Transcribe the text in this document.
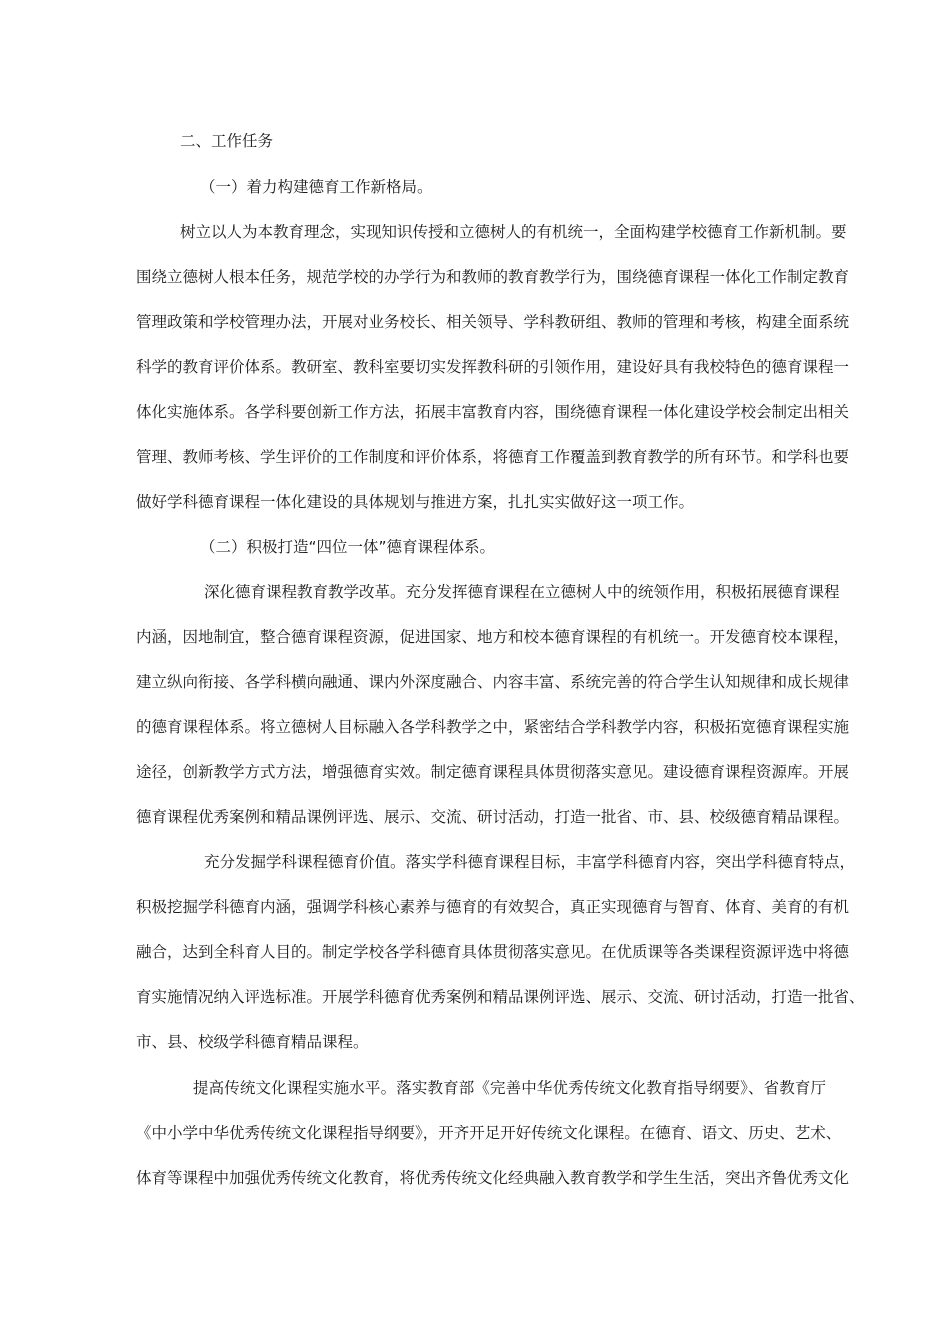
二、工作任务
（一）着力构建德育工作新格局。
树立以人为本教育理念，实现知识传授和立德树人的有机统一，全面构建学校德育工作新机制。要
围绕立德树人根本任务，规范学校的办学行为和教师的教育教学行为，围绕德育课程一体化工作制定教育
管理政策和学校管理办法，开展对业务校长、相关领导、学科教研组、教师的管理和考核，构建全面系统
科学的教育评价体系。教研室、教科室要切实发挥教科研的引领作用，建设好具有我校特色的德育课程一
体化实施体系。各学科要创新工作方法，拓展丰富教育内容，围绕德育课程一体化建设学校会制定出相关
管理、教师考核、学生评价的工作制度和评价体系，将德育工作覆盖到教育教学的所有环节。和学科也要
做好学科德育课程一体化建设的具体规划与推进方案，扎扎实实做好这一项工作。
（二）积极打造“四位一体”德育课程体系。
深化德育课程教育教学改革。充分发挥德育课程在立德树人中的统领作用，积极拓展德育课程
内涵，因地制宜，整合德育课程资源，促进国家、地方和校本德育课程的有机统一。开发德育校本课程，
建立纵向衔接、各学科横向融通、课内外深度融合、内容丰富、系统完善的符合学生认知规律和成长规律
的德育课程体系。将立德树人目标融入各学科教学之中，紧密结合学科教学内容，积极拓宽德育课程实施
途径，创新教学方式方法，增强德育实效。制定德育课程具体贯彻落实意见。建设德育课程资源库。开展
德育课程优秀案例和精品课例评选、展示、交流、研讨活动，打造一批省、市、县、校级德育精品课程。
充分发掘学科课程德育价值。落实学科德育课程目标，丰富学科德育内容，突出学科德育特点，
积极挖掘学科德育内涵，强调学科核心素养与德育的有效契合，真正实现德育与智育、体育、美育的有机
融合，达到全科育人目的。制定学校各学科德育具体贯彻落实意见。在优质课等各类课程资源评选中将德
育实施情况纳入评选标准。开展学科德育优秀案例和精品课例评选、展示、交流、研讨活动，打造一批省、
市、县、校级学科德育精品课程。
提高传统文化课程实施水平。落实教育部《完善中华优秀传统文化教育指导纲要》、省教育厅
《中小学中华优秀传统文化课程指导纲要》，开齐开足开好传统文化课程。在德育、语文、历史、艺术、
体育等课程中加强优秀传统文化教育，将优秀传统文化经典融入教育教学和学生生活，突出齐鲁优秀文化
